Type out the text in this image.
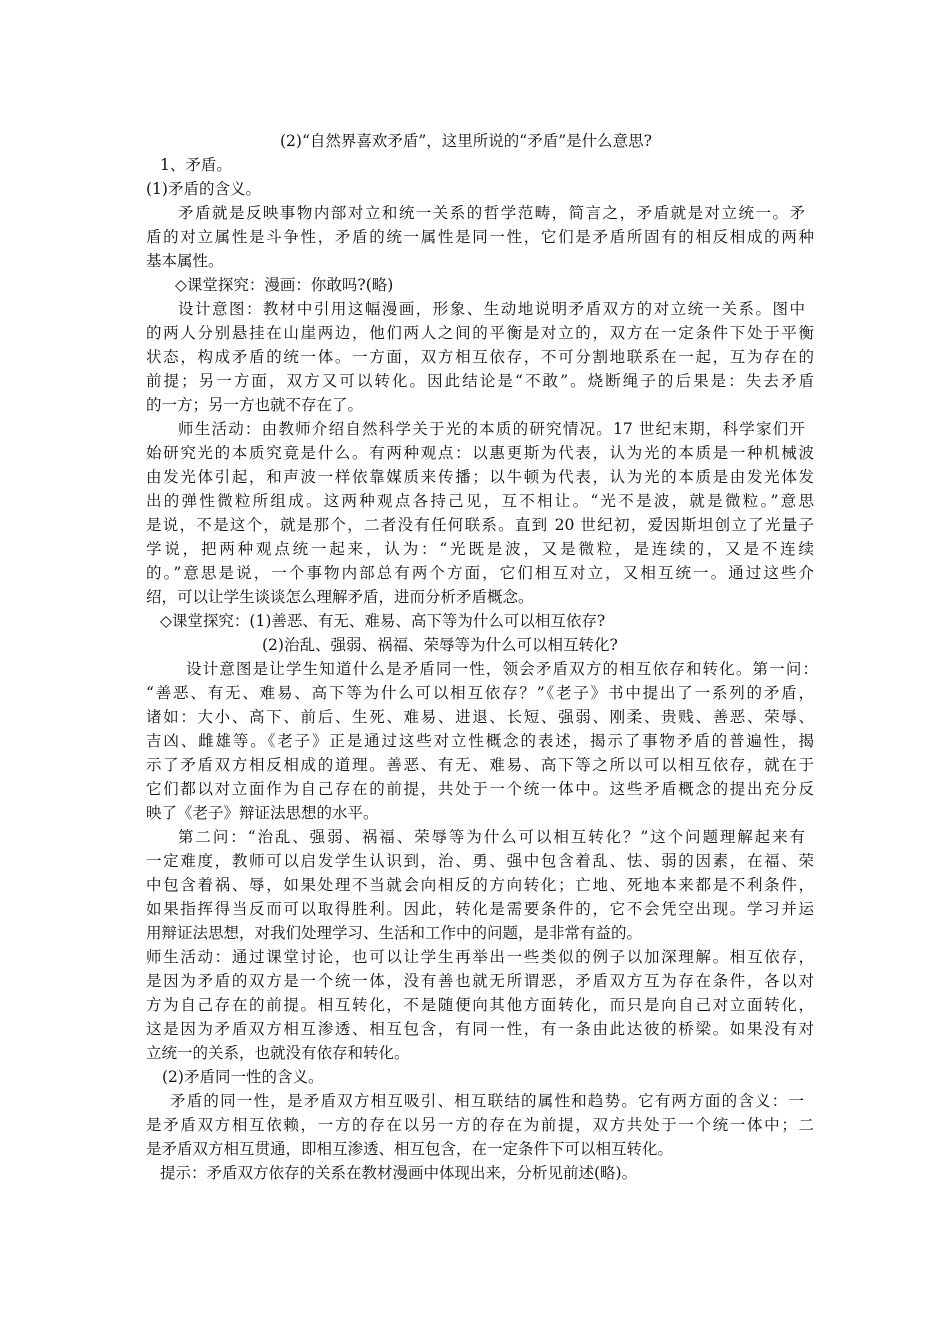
(2)“自然界喜欢矛盾”，这里所说的“矛盾”是什么意思?
1、矛盾。
(1)矛盾的含义。
矛盾就是反映事物内部对立和统一关系的哲学范畴，简言之，矛盾就是对立统一。矛
盾的对立属性是斗争性，矛盾的统一属性是同一性，它们是矛盾所固有的相反相成的两种
基本属性。
◇课堂探究：漫画：你敢吗?(略)
设计意图：教材中引用这幅漫画，形象、生动地说明矛盾双方的对立统一关系。图中
的两人分别悬挂在山崖两边，他们两人之间的平衡是对立的，双方在一定条件下处于平衡
状态，构成矛盾的统一体。一方面，双方相互依存，不可分割地联系在一起，互为存在的
前提；另一方面，双方又可以转化。因此结论是“不敢”。烧断绳子的后果是：失去矛盾
的一方；另一方也就不存在了。
师生活动：由教师介绍自然科学关于光的本质的研究情况。17 世纪末期，科学家们开
始研究光的本质究竟是什么。有两种观点：以惠更斯为代表，认为光的本质是一种机械波
由发光体引起，和声波一样依靠媒质来传播；以牛顿为代表，认为光的本质是由发光体发
出的弹性微粒所组成。这两种观点各持己见，互不相让。“光不是波，就是微粒。”意思
是说，不是这个，就是那个，二者没有任何联系。直到 20 世纪初，爱因斯坦创立了光量子
学说，把两种观点统一起来，认为：“光既是波，又是微粒，是连续的，又是不连续
的。”意思是说，一个事物内部总有两个方面，它们相互对立，又相互统一。通过这些介
绍，可以让学生谈谈怎么理解矛盾，进而分析矛盾概念。
◇课堂探究：(1)善恶、有无、难易、高下等为什么可以相互依存?
(2)治乱、强弱、祸福、荣辱等为什么可以相互转化?
设计意图是让学生知道什么是矛盾同一性，领会矛盾双方的相互依存和转化。第一问：
“善恶、有无、难易、高下等为什么可以相互依存？”《老子》书中提出了一系列的矛盾，
诸如：大小、高下、前后、生死、难易、进退、长短、强弱、刚柔、贵贱、善恶、荣辱、
吉凶、雌雄等。《老子》正是通过这些对立性概念的表述，揭示了事物矛盾的普遍性，揭
示了矛盾双方相反相成的道理。善恶、有无、难易、高下等之所以可以相互依存，就在于
它们都以对立面作为自己存在的前提，共处于一个统一体中。这些矛盾概念的提出充分反
映了《老子》辩证法思想的水平。
第二问：“治乱、强弱、祸福、荣辱等为什么可以相互转化？”这个问题理解起来有
一定难度，教师可以启发学生认识到，治、勇、强中包含着乱、怯、弱的因素，在福、荣
中包含着祸、辱，如果处理不当就会向相反的方向转化；亡地、死地本来都是不利条件，
如果指挥得当反而可以取得胜利。因此，转化是需要条件的，它不会凭空出现。学习并运
用辩证法思想，对我们处理学习、生活和工作中的问题，是非常有益的。
师生活动：通过课堂讨论，也可以让学生再举出一些类似的例子以加深理解。相互依存，
是因为矛盾的双方是一个统一体，没有善也就无所谓恶，矛盾双方互为存在条件，各以对
方为自己存在的前提。相互转化，不是随便向其他方面转化，而只是向自己对立面转化，
这是因为矛盾双方相互渗透、相互包含，有同一性，有一条由此达彼的桥梁。如果没有对
立统一的关系，也就没有依存和转化。
(2)矛盾同一性的含义。
矛盾的同一性，是矛盾双方相互吸引、相互联结的属性和趋势。它有两方面的含义：一
是矛盾双方相互依赖，一方的存在以另一方的存在为前提，双方共处于一个统一体中；二
是矛盾双方相互贯通，即相互渗透、相互包含，在一定条件下可以相互转化。
提示：矛盾双方依存的关系在教材漫画中体现出来，分析见前述(略)。
